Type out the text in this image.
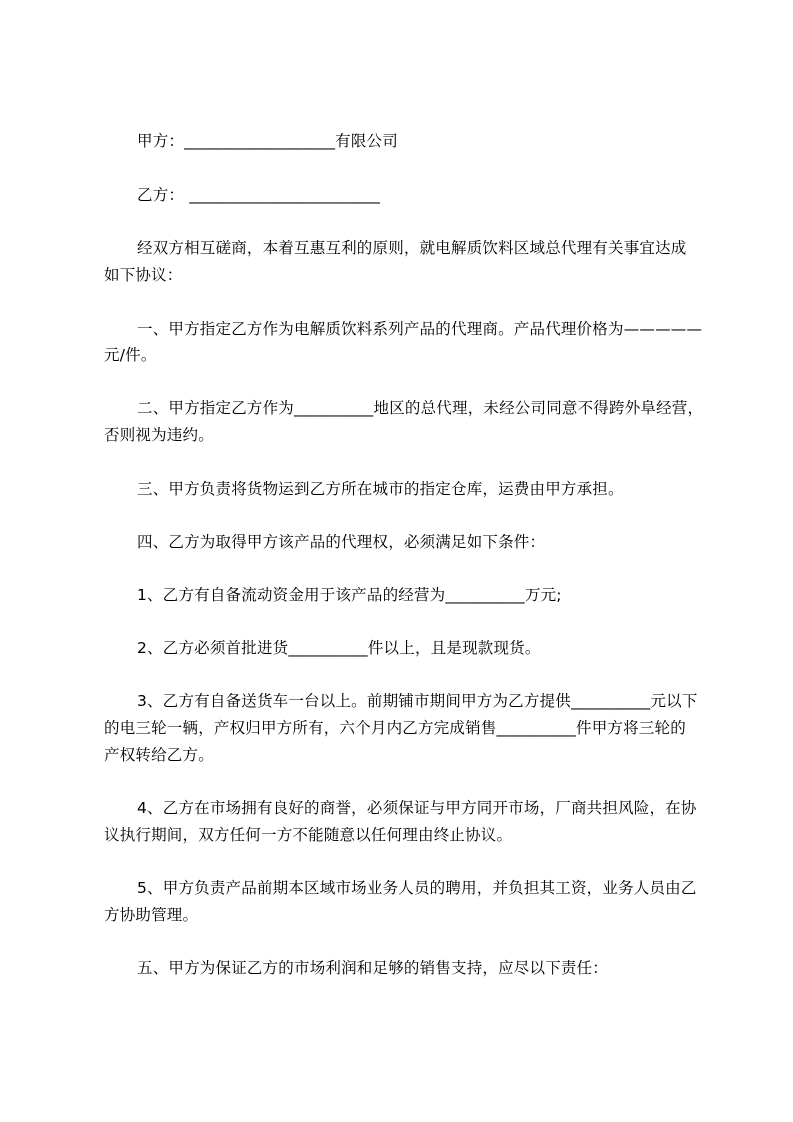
甲方：___________________有限公司
乙方： ________________________
经双方相互磋商，本着互惠互利的原则，就电解质饮料区域总代理有关事宜达成
如下协议：
一、甲方指定乙方作为电解质饮料系列产品的代理商。产品代理价格为—————
元/件。
二、甲方指定乙方作为__________地区的总代理，未经公司同意不得跨外阜经营，
否则视为违约。
三、甲方负责将货物运到乙方所在城市的指定仓库，运费由甲方承担。
四、乙方为取得甲方该产品的代理权，必须满足如下条件：
1、乙方有自备流动资金用于该产品的经营为__________万元;
2、乙方必须首批进货__________件以上，且是现款现货。
3、乙方有自备送货车一台以上。前期铺市期间甲方为乙方提供__________元以下
的电三轮一辆，产权归甲方所有，六个月内乙方完成销售__________件甲方将三轮的
产权转给乙方。
4、乙方在市场拥有良好的商誉，必须保证与甲方同开市场，厂商共担风险，在协
议执行期间，双方任何一方不能随意以任何理由终止协议。
5、甲方负责产品前期本区域市场业务人员的聘用，并负担其工资，业务人员由乙
方协助管理。
五、甲方为保证乙方的市场利润和足够的销售支持，应尽以下责任：
